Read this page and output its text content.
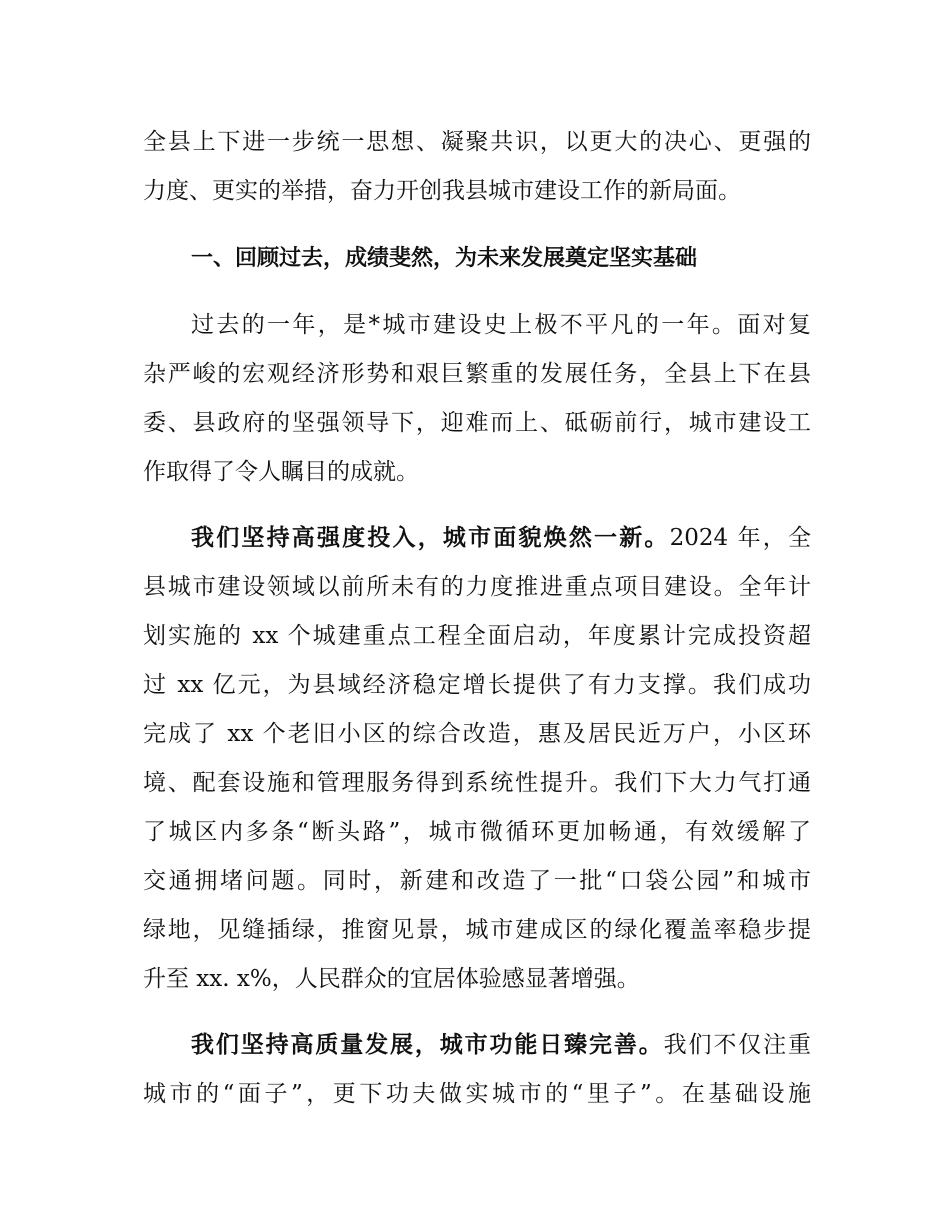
全县上下进一步统一思想、凝聚共识，以更大的决心、更强的
力度、更实的举措，奋力开创我县城市建设工作的新局面。
一、回顾过去，成绩斐然，为未来发展奠定坚实基础
过去的一年，是*城市建设史上极不平凡的一年。面对复
杂严峻的宏观经济形势和艰巨繁重的发展任务，全县上下在县
委、县政府的坚强领导下，迎难而上、砥砺前行，城市建设工
作取得了令人瞩目的成就。
我们坚持高强度投入，城市面貌焕然一新。2024 年，全
县城市建设领域以前所未有的力度推进重点项目建设。全年计
划实施的 xx 个城建重点工程全面启动，年度累计完成投资超
过 xx 亿元，为县域经济稳定增长提供了有力支撑。我们成功
完成了 xx 个老旧小区的综合改造，惠及居民近万户，小区环
境、配套设施和管理服务得到系统性提升。我们下大力气打通
了城区内多条“断头路”，城市微循环更加畅通，有效缓解了
交通拥堵问题。同时，新建和改造了一批“口袋公园”和城市
绿地，见缝插绿，推窗见景，城市建成区的绿化覆盖率稳步提
升至 xx. x%，人民群众的宜居体验感显著增强。
我们坚持高质量发展，城市功能日臻完善。我们不仅注重
城市的“面子”，更下功夫做实城市的“里子”。在基础设施
